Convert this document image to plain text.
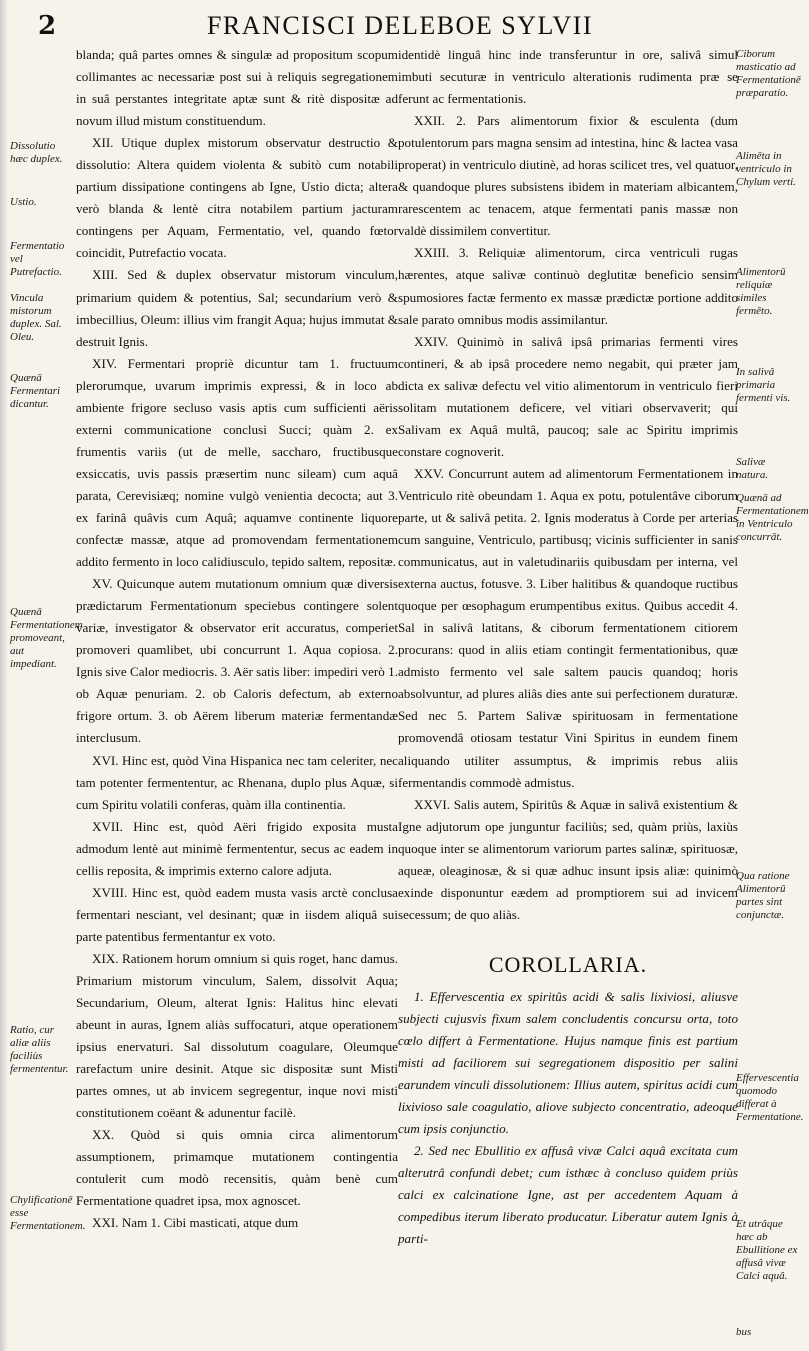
2	FRANCISCI DELEBOE SYLVII

blanda; quâ partes omnes & singulæ ad propositum scopum collimantes ac necessariæ post sui à reliquis segregationem in suâ perstantes integritate aptæ sunt & ritè dispositæ ad novum illud mistum constituendum.

XII. Utique duplex mistorum observatur destructio & dissolutio: Altera quidem violenta & subitò cum notabili partium dissipatione contingens ab Igne, Ustio dicta; altera verò blanda & lentè citra notabilem partium jacturam contingens per Aquam, Fermentatio, vel, quando fœtor coincidit, Putrefactio vocata.

XIII. Sed & duplex observatur mistorum vinculum, primarium quidem & potentius, Sal; secundarium verò & imbecillius, Oleum: illius vim frangit Aqua; hujus immutat & destruit Ignis.

XIV. Fermentari propriè dicuntur tam 1. fructuum plerorumque, uvarum imprimis expressi, & in loco ab ambiente frigore secluso vasis aptis cum sufficienti aëris externi communicatione conclusi Succi; quàm 2. ex frumentis variis (ut de melle, saccharo, fructibusque exsiccatis, uvis passis præsertim nunc sileam) cum aquâ parata, Cerevisiæq; nomine vulgò venientia decocta; aut 3. ex farinâ quâvis cum Aquâ; aquamve continente liquore confectæ massæ, atque ad promovendam fermentationem addito fermento in loco calidiusculo, tepido saltem, repositæ.

XV. Quicunque autem mutationum omnium quæ diversis prædictarum Fermentationum speciebus contingere solent variæ, investigator & observator erit accuratus, comperiet promoveri quamlibet, ubi concurrunt 1. Aqua copiosa. 2. Ignis sive Calor mediocris. 3. Aër satis liber: impediri verò 1. ob Aquæ penuriam. 2. ob Caloris defectum, ab externo frigore ortum. 3. ob Aërem liberum materiæ fermentandæ interclusum.

XVI. Hinc est, quòd Vina Hispanica nec tam celeriter, nec tam potenter fermententur, ac Rhenana, duplo plus Aquæ, si cum Spiritu volatili conferas, quàm illa continentia.

XVII. Hinc est, quòd Aëri frigido exposita musta admodum lentè aut minimè fermententur, secus ac eadem in cellis reposita, & imprimis externo calore adjuta.

XVIII. Hinc est, quòd eadem musta vasis arctè conclusa fermentari nesciant, vel desinant; quæ in iisdem aliquâ sui parte patentibus fermentantur ex voto.

XIX. Rationem horum omnium si quis roget, hanc damus. Primarium mistorum vinculum, Salem, dissolvit Aqua; Secundarium, Oleum, alterat Ignis: Halitus hinc elevati abeunt in auras, Ignem aliàs suffocaturi, atque operationem ipsius enervaturi. Sal dissolutum coagulare, Oleumque rarefactum unire desinit. Atque sic dispositæ sunt Misti partes omnes, ut ab invicem segregentur, inque novi misti constitutionem coëant & adunentur facilè.

XX. Quòd si quis omnia circa alimentorum assumptionem, primamque mutationem contingentia contulerit cum modò recensitis, quàm benè cum Fermentatione quadret ipsa, mox agnoscet.

XXI. Nam 1. Cibi masticati, atque dum

identidè linguâ hinc inde transferuntur in ore, salivâ simul imbuti secuturæ in ventriculo alterationis rudimenta præ se ferunt ac fermentationis.

XXII. 2. Pars alimentorum fixior & esculenta (dum potulentorum pars magna sensim ad intestina, hinc & lactea vasa properat) in ventriculo diutinè, ad horas scilicet tres, vel quatuor, & quandoque plures subsistens ibidem in materiam albicantem, rarescentem ac tenacem, atque fermentati panis massæ non valdè dissimilem convertitur.

XXIII. 3. Reliquiæ alimentorum, circa ventriculi rugas hærentes, atque salivæ continuò deglutitæ beneficio sensim spumosiores factæ fermento ex massæ prædictæ portione addito sale parato omnibus modis assimilantur.

XXIV. Quinimò in salivâ ipsâ primarias fermenti vires contineri, & ab ipsâ procedere nemo negabit, qui præter jam dicta ex salivæ defectu vel vitio alimentorum in ventriculo fieri solitam mutationem deficere, vel vitiari observaverit; qui Salivam ex Aquâ multâ, paucoq; sale ac Spiritu imprimis constare cognoverit.

XXV. Concurrunt autem ad alimentorum Fermentationem in Ventriculo ritè obeundam 1. Aqua ex potu, potulentâve ciborum parte, ut & salivâ petita. 2. Ignis moderatus à Corde per arterias cum sanguine, Ventriculo, partibusq; vicinis sufficienter in sanis communicatus, aut in valetudinariis quibusdam per interna, vel externa auctus, fotusve. 3. Liber halitibus & quandoque ructibus quoque per œsophagum erumpentibus exitus. Quibus accedit 4. Sal in salivâ latitans, & ciborum fermentationem citiorem procurans: quod in aliis etiam contingit fermentationibus, quæ admisto fermento vel sale saltem paucis quandoq; horis absolvuntur, ad plures aliâs dies ante sui perfectionem duraturæ. Sed nec 5. Partem Salivæ spirituosam in fermentatione promovendâ otiosam testatur Vini Spiritus in eundem finem aliquando utiliter assumptus, & imprimis rebus aliis fermentandis commodè admistus.

XXVI. Salis autem, Spiritûs & Aquæ in salivâ existentium & Igne adjutorum ope junguntur faciliùs; sed, quàm priùs, laxiùs quoque inter se alimentorum variorum partes salinæ, spirituosæ, aqueæ, oleaginosæ, & si quæ adhuc insunt ipsis aliæ: quinimò exinde disponuntur eædem ad promptiorem sui ad invicem secessum; de quo aliàs.

COROLLARIA.

1. Effervescentia ex spiritûs acidi & salis lixiviosi, aliusve subjecti cujusvis fixum salem concludentis concursu orta, toto cœlo differt à Fermentatione. Hujus namque finis est partium misti ad faciliorem sui segregationem dispositio per salini earundem vinculi dissolutionem: Illius autem, spiritus acidi cum lixivioso sale coagulatio, aliove subjecto concentratio, adeoque cum ipsis conjunctio.

2. Sed nec Ebullitio ex affusâ vivæ Calci aquâ excitata cum alterutrâ confundi debet; cum isthæc à concluso quidem priùs calci ex calcinatione Igne, ast per accedentem Aquam à compedibus iterum liberato producatur. Liberatur autem Ignis à parti-

Dissolutio hæc duplex.
Ustio.
Fermentatio vel Putrefactio.
Vincula mistorum duplex. Sal. Oleu.
Quænā Fermentari dicantur.
Quænā Fermentationem promoveant, aut impediant.
Ratio, cur aliæ aliis faciliùs fermententur.
Chylificationē esse Fermentationem.
Ciborum masticatio ad Fermentationē præparatio.
Alimēta in ventriculo in Chylum verti.
Alimentorū reliquiæ similes fermēto.
In salivâ primaria fermenti vis.
Salivæ natura.
Quænā ad Fermentationem in Ventriculo concurrāt.
Qua ratione Alimentorū partes sint conjunctæ.
Effervescentia quomodo differat à Fermentatione.
Et utrâque hæc ab Ebullitione ex affusâ vivæ Calci aquâ.
bus
